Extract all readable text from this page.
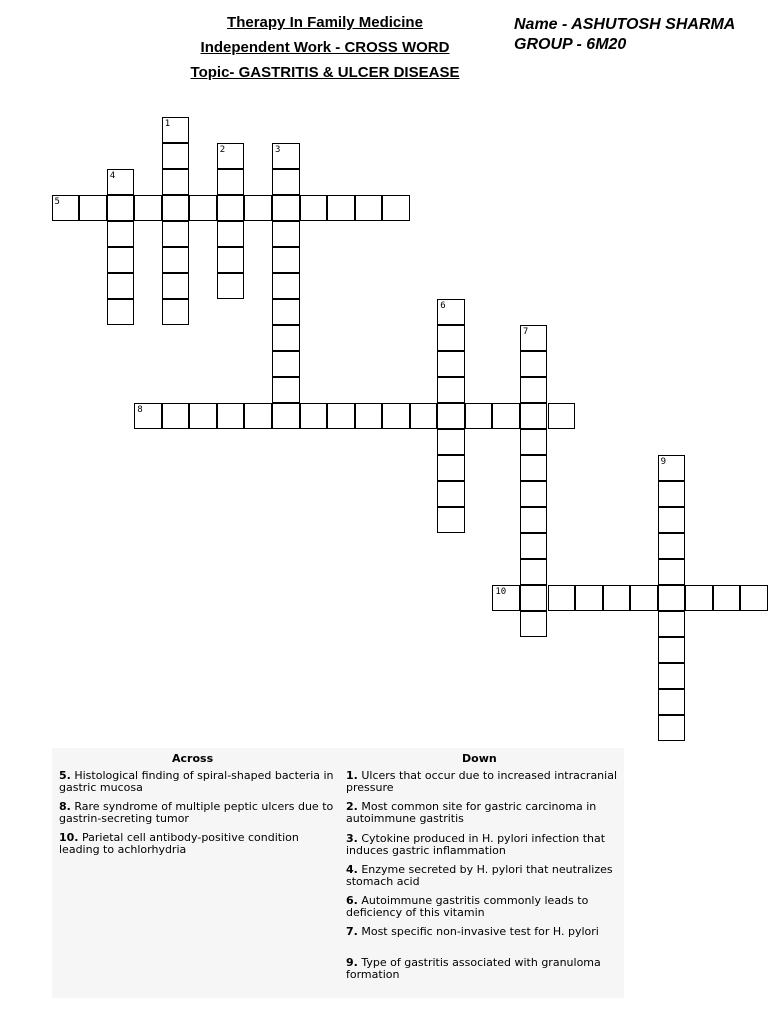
Therapy In Family Medicine
Independent Work - CROSS WORD
Topic- GASTRITIS & ULCER DISEASE
Name - ASHUTOSH SHARMA
GROUP - 6M20
1
2	3
4
5
6
7
8
9
10
Across	Down
5. Histological finding of spiral-shaped bacteria in gastric mucosa
8. Rare syndrome of multiple peptic ulcers due to gastrin-secreting tumor
10. Parietal cell antibody-positive condition leading to achlorhydria
1. Ulcers that occur due to increased intracranial pressure
2. Most common site for gastric carcinoma in autoimmune gastritis
3. Cytokine produced in H. pylori infection that induces gastric inflammation
4. Enzyme secreted by H. pylori that neutralizes stomach acid
6. Autoimmune gastritis commonly leads to deficiency of this vitamin
7. Most specific non-invasive test for H. pylori
9. Type of gastritis associated with granuloma formation
